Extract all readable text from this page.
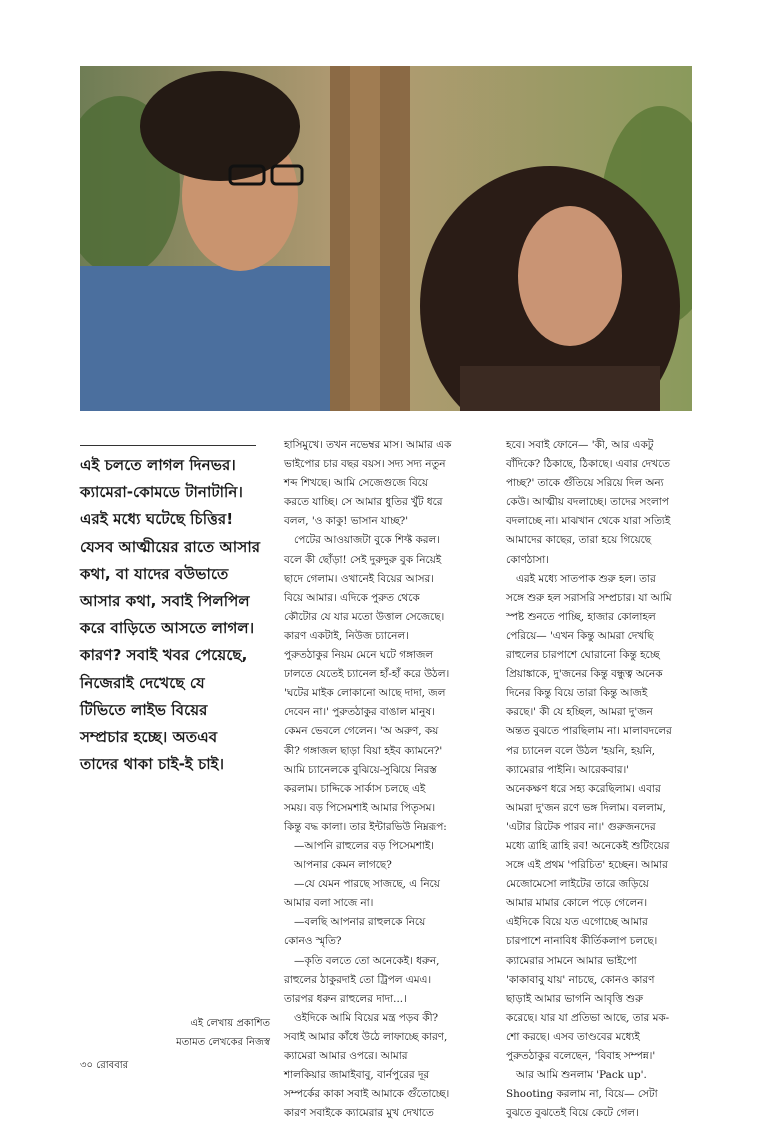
এই চলতে লাগল দিনভর।
ক্যামেরা-কোমডে টানাটানি।
এরই মধ্যে ঘটেছে চিত্তির!
যেসব আত্মীয়ের রাতে আসার
কথা, বা যাদের বউভাতে
আসার কথা, সবাই পিলপিল
করে বাড়িতে আসতে লাগল।
কারণ? সবাই খবর পেয়েছে,
নিজেরাই দেখেছে যে
টিভিতে লাইভ বিয়ের
সম্প্রচার হচ্ছে। অতএব
তাদের থাকা চাই-ই চাই।
হাসিমুখে। তখন নভেম্বর মাস। আমার এক
ভাইপোর চার বছর বয়স। সদ্য সদ্য নতুন
শব্দ শিখছে। আমি সেজেগুজে বিয়ে
করতে যাচ্ছি। সে আমার ধুতির খুঁট ধরে
বলল, 'ও কাকু! ভাসান যাচ্ছ?'
পেটের আওয়াজটা বুকে শিফ্ট করল।
বলে কী ছোঁড়া! সেই দুরুদুরু বুক নিয়েই
ছাদে গেলাম। ওখানেই বিয়ের আসর।
বিয়ে আমার। এদিকে পুরুত থেকে
কৌটোর যে যার মতো উত্তাল সেজেছে।
কারণ একটাই, নিউজ চ্যানেল।
পুরুতঠাকুর নিয়ম মেনে ঘটে গঙ্গাজল
ঢালতে যেতেই চ্যানেল হাঁ-হাঁ করে উঠল।
'ঘটের মাইক লোকানো আছে দাদা, জল
দেবেন না।' পুরুতঠাকুর বাঙাল মানুষ।
কেমন ভেবলে গেলেন। 'অ অরুণ, কয়
কী? গঙ্গাজল ছাড়া বিয়া হইব ক্যামনে?'
আমি চ্যানেলকে বুঝিয়ে-সুঝিয়ে নিরস্ত
করলাম। চাদ্দিকে সার্কাস চলছে এই
সময়। বড় পিসেমশাই আমার পিতৃসম।
কিন্তু বদ্ধ কালা। তার ইন্টারভিউ নিম্নরূপ:
—আপনি রাহুলের বড় পিসেমশাই।
আপনার কেমন লাগছে?
—যে যেমন পারছে সাজছে, এ নিয়ে
আমার বলা সাজে না।
—বলছি আপনার রাহুলকে নিয়ে
কোনও স্মৃতি?
—কৃতি বলতে তো অনেকেই। ধরুন,
রাহুলের ঠাকুরদাই তো ট্রিপল এমএ।
তারপর ধরুন রাহুলের দাদা...।
ওইদিকে আমি বিয়ের মন্ত্র পড়ব কী?
সবাই আমার কাঁধে উঠে লাফাচ্ছে কারণ,
ক্যামেরা আমার ওপরে। আমার
শালকিয়ার জামাইবাবু, বার্নপুরের দূর
সম্পর্কের কাকা সবাই আমাকে গুঁতোচ্ছে।
কারণ সবাইকে ক্যামেরার মুখ দেখাতে
হবে। সবাই ফোনে— 'কী, আর একটু
বাঁদিকে? ঠিকাছে, ঠিকাছে। এবার দেখতে
পাচ্ছ?' তাকে গুঁতিয়ে সরিয়ে দিল অন্য
কেউ। আত্মীয় বদলাচ্ছে। তাদের সংলাপ
বদলাচ্ছে না। মাঝখান থেকে যারা সত্যিই
আমাদের কাছের, তারা হয়ে গিয়েছে
কোণঠাসা।
এরই মধ্যে সাতপাক শুরু হল। তার
সঙ্গে শুরু হল সরাসরি সম্প্রচার। যা আমি
স্পষ্ট শুনতে পাচ্ছি, হাজার কোলাহল
পেরিয়ে— 'এখন কিন্তু আমরা দেখছি
রাহুলের চারপাশে ঘোরানো কিন্তু হচ্ছে
প্রিয়াঙ্কাকে, দু'জনের কিন্তু বন্ধুত্ব অনেক
দিনের কিন্তু বিয়ে তারা কিন্তু আজই
করছে।' কী যে হচ্ছিল, আমরা দু'জন
অন্তত বুঝতে পারছিলাম না। মালাবদলের
পর চ্যানেল বলে উঠল 'হয়নি, হয়নি,
ক্যামেরার পাইনি। আরেকবার।'
অনেকক্ষণ ধরে সহ্য করেছিলাম। এবার
আমরা দু'জন রণে ভঙ্গ দিলাম। বললাম,
'এটার রিটেক পারব না।' গুরুজনদের
মধ্যে ত্রাহি ত্রাহি রব! অনেকেই শুটিংয়ের
সঙ্গে এই প্রথম 'পরিচিত' হচ্ছেন। আমার
মেজোমেসো লাইটের তারে জড়িয়ে
আমার মামার কোলে পড়ে গেলেন।
এইদিকে বিয়ে যত এগোচ্ছে আমার
চারপাশে নানাবিধ কীর্তিকলাপ চলছে।
ক্যামেরার সামনে আমার ভাইপো
'কাকাবাবু যায়' নাচছে, কোনও কারণ
ছাড়াই আমার ভাগনি আবৃত্তি শুরু
করেছে। যার যা প্রতিভা আছে, তার মক-
শো করছে। এসব তাণ্ডবের মধ্যেই
পুরুতঠাকুর বলেছেন, 'বিবাহ সম্পন্ন।'
আর আমি শুনলাম 'Pack up'.
Shooting করলাম না, বিয়ে— সেটা
বুঝতে বুঝতেই বিয়ে কেটে গেল।
এই লেখায় প্রকাশিত
মতামত লেখকের নিজস্ব
৩০ রোববার
